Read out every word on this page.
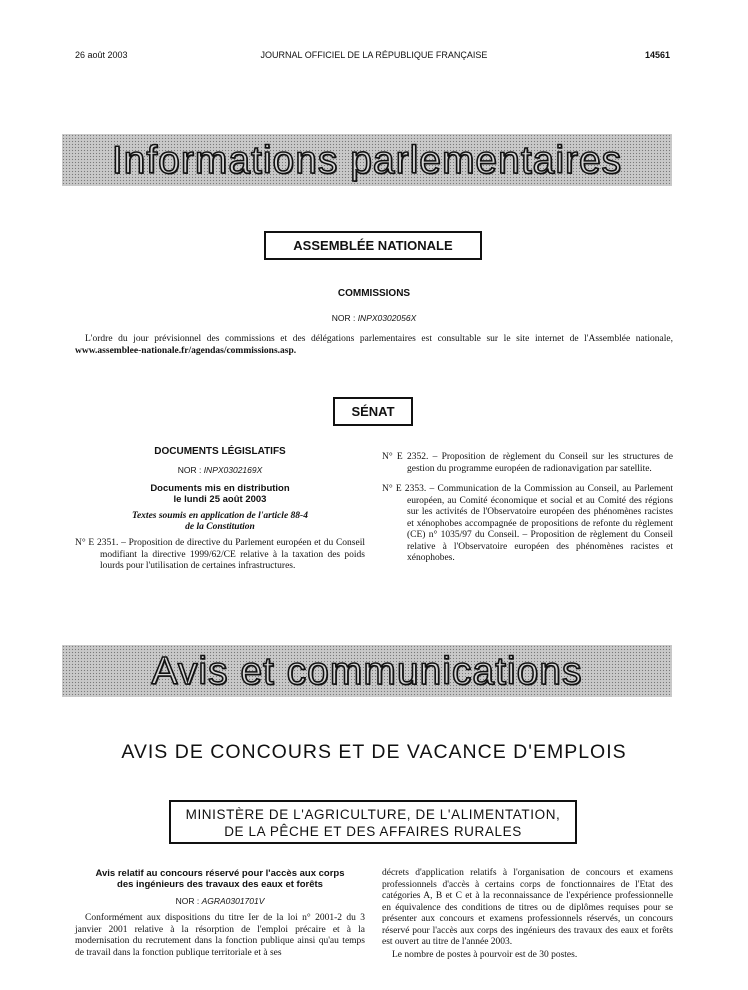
26 août 2003	JOURNAL OFFICIEL DE LA RÉPUBLIQUE FRANÇAISE	14561
Informations parlementaires
ASSEMBLÉE NATIONALE
COMMISSIONS
NOR : INPX0302056X
L'ordre du jour prévisionnel des commissions et des délégations parlementaires est consultable sur le site internet de l'Assemblée nationale, www.assemblee-nationale.fr/agendas/commissions.asp.
SÉNAT
DOCUMENTS LÉGISLATIFS
NOR : INPX0302169X
Documents mis en distribution
le lundi 25 août 2003
Textes soumis en application de l'article 88-4
de la Constitution

N° E 2351. – Proposition de directive du Parlement européen et du Conseil modifiant la directive 1999/62/CE relative à la taxation des poids lourds pour l'utilisation de certaines infrastructures.

N° E 2352. – Proposition de règlement du Conseil sur les structures de gestion du programme européen de radionavigation par satellite.

N° E 2353. – Communication de la Commission au Conseil, au Parlement européen, au Comité économique et social et au Comité des régions sur les activités de l'Observatoire européen des phénomènes racistes et xénophobes accompagnée de propositions de refonte du règlement (CE) n° 1035/97 du Conseil. – Proposition de règlement du Conseil relative à l'Observatoire européen des phénomènes racistes et xénophobes.

Avis et communications
AVIS DE CONCOURS ET DE VACANCE D'EMPLOIS
MINISTÈRE DE L'AGRICULTURE, DE L'ALIMENTATION,
DE LA PÊCHE ET DES AFFAIRES RURALES
Avis relatif au concours réservé pour l'accès aux corps
des ingénieurs des travaux des eaux et forêts
NOR : AGRA0301701V

Conformément aux dispositions du titre Ier de la loi n° 2001-2 du 3 janvier 2001 relative à la résorption de l'emploi précaire et à la modernisation du recrutement dans la fonction publique ainsi qu'au temps de travail dans la fonction publique territoriale et à ses

décrets d'application relatifs à l'organisation de concours et examens professionnels d'accès à certains corps de fonctionnaires de l'Etat des catégories A, B et C et à la reconnaissance de l'expérience professionnelle en équivalence des conditions de titres ou de diplômes requises pour se présenter aux concours et examens professionnels réservés, un concours réservé pour l'accès aux corps des ingénieurs des travaux des eaux et forêts est ouvert au titre de l'année 2003.

Le nombre de postes à pourvoir est de 30 postes.
